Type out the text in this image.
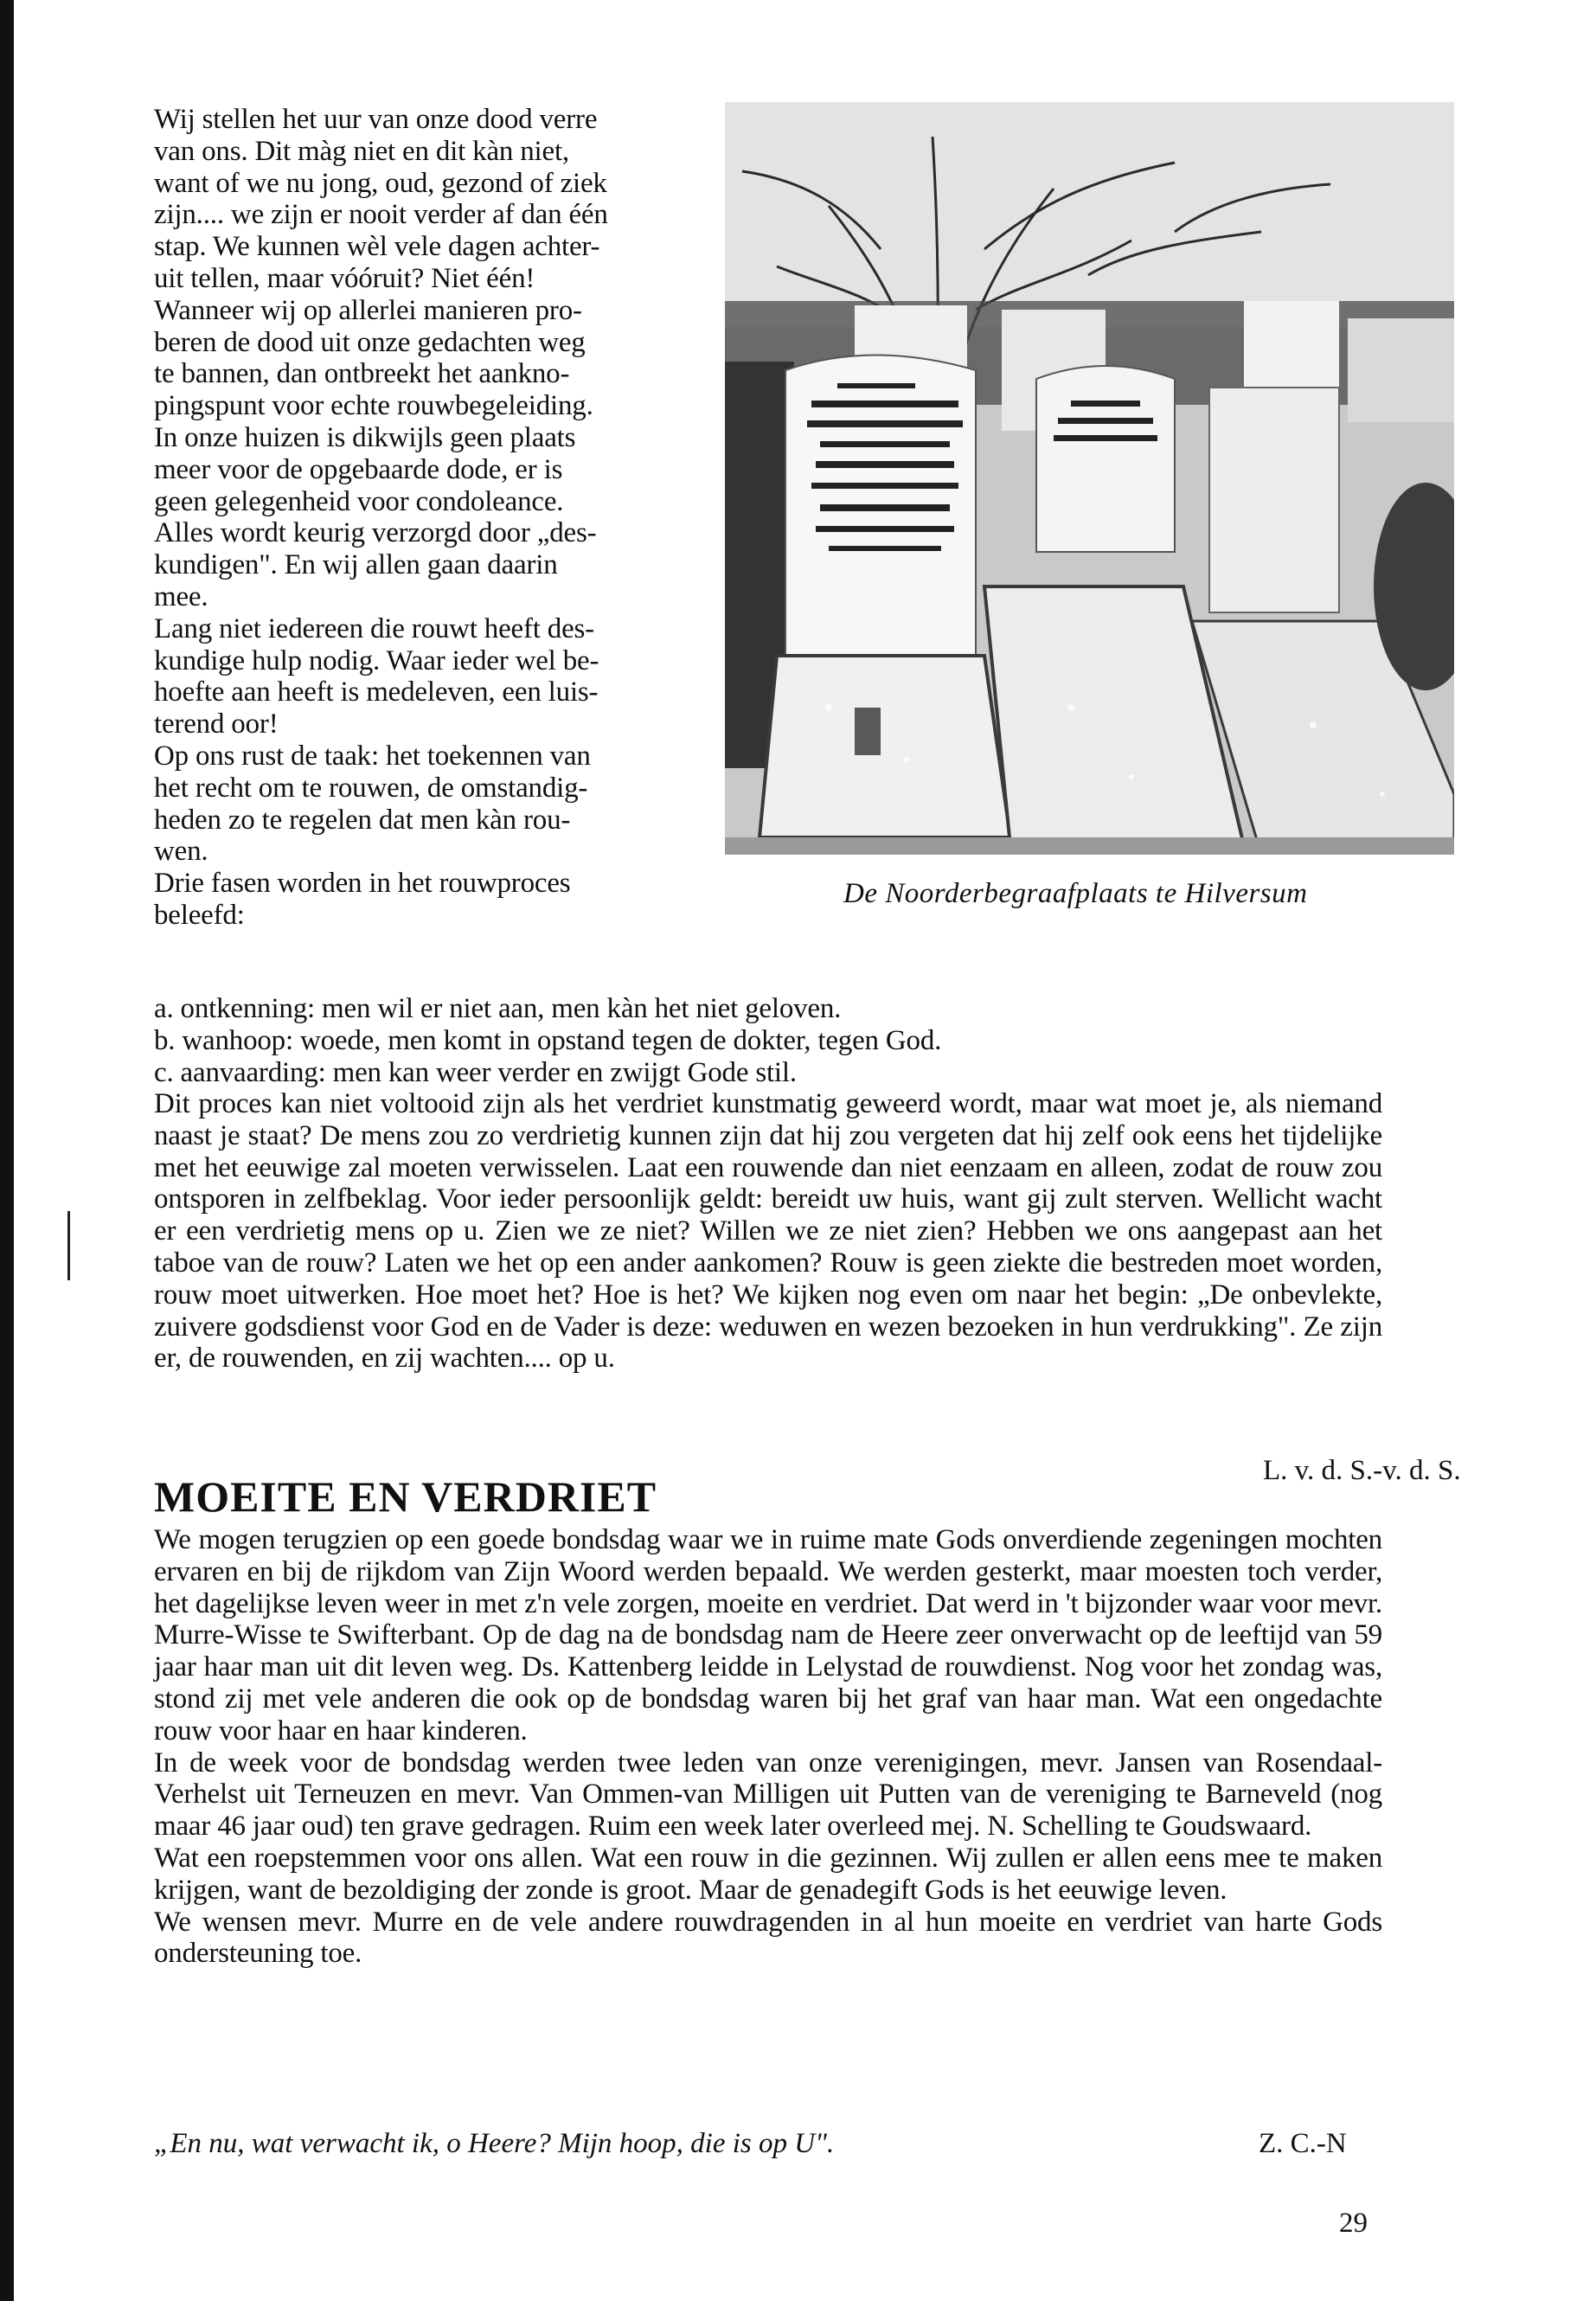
Wij stellen het uur van onze dood verre
van ons. Dit màg niet en dit kàn niet,
want of we nu jong, oud, gezond of ziek
zijn.... we zijn er nooit verder af dan één
stap. We kunnen wèl vele dagen achter-
uit tellen, maar vóóruit? Niet één!
Wanneer wij op allerlei manieren pro-
beren de dood uit onze gedachten weg
te bannen, dan ontbreekt het aankno-
pingspunt voor echte rouwbegeleiding.
In onze huizen is dikwijls geen plaats
meer voor de opgebaarde dode, er is
geen gelegenheid voor condoleance.
Alles wordt keurig verzorgd door „des-
kundigen". En wij allen gaan daarin
mee.
Lang niet iedereen die rouwt heeft des-
kundige hulp nodig. Waar ieder wel be-
hoefte aan heeft is medeleven, een luis-
terend oor!
Op ons rust de taak: het toekennen van
het recht om te rouwen, de omstandig-
heden zo te regelen dat men kàn rou-
wen.
Drie fasen worden in het rouwproces
beleefd:
De Noorderbegraafplaats te Hilversum
a. ontkenning: men wil er niet aan, men kàn het niet geloven.
b. wanhoop: woede, men komt in opstand tegen de dokter, tegen God.
c. aanvaarding: men kan weer verder en zwijgt Gode stil.

Dit proces kan niet voltooid zijn als het verdriet kunstmatig geweerd wordt, maar wat moet je, als niemand naast je staat? De mens zou zo verdrietig kunnen zijn dat hij zou vergeten dat hij zelf ook eens het tijdelijke met het eeuwige zal moeten verwisselen. Laat een rouwende dan niet eenzaam en alleen, zodat de rouw zou ontsporen in zelfbeklag. Voor ieder persoonlijk geldt: bereidt uw huis, want gij zult sterven. Wellicht wacht er een verdrietig mens op u. Zien we ze niet? Willen we ze niet zien? Hebben we ons aangepast aan het taboe van de rouw? Laten we het op een ander aankomen? Rouw is geen ziekte die bestreden moet worden, rouw moet uitwerken. Hoe moet het? Hoe is het? We kijken nog even om naar het begin: „De onbevlekte, zuivere godsdienst voor God en de Vader is deze: weduwen en wezen bezoeken in hun verdrukking". Ze zijn er, de rouwenden, en zij wachten.... op u.

L. v. d. S.-v. d. S.
MOEITE EN VERDRIET
We mogen terugzien op een goede bondsdag waar we in ruime mate Gods onverdiende zegeningen mochten ervaren en bij de rijkdom van Zijn Woord werden bepaald. We werden gesterkt, maar moesten toch verder, het dagelijkse leven weer in met z'n vele zorgen, moeite en verdriet. Dat werd in 't bijzonder waar voor mevr. Murre-Wisse te Swifterbant. Op de dag na de bondsdag nam de Heere zeer onverwacht op de leeftijd van 59 jaar haar man uit dit leven weg. Ds. Kattenberg leidde in Lelystad de rouwdienst. Nog voor het zondag was, stond zij met vele anderen die ook op de bondsdag waren bij het graf van haar man. Wat een ongedachte rouw voor haar en haar kinderen.
In de week voor de bondsdag werden twee leden van onze verenigingen, mevr. Jansen van Rosendaal-Verhelst uit Terneuzen en mevr. Van Ommen-van Milligen uit Putten van de vereniging te Barneveld (nog maar 46 jaar oud) ten grave gedragen. Ruim een week later overleed mej. N. Schelling te Goudswaard.
Wat een roepstemmen voor ons allen. Wat een rouw in die gezinnen. Wij zullen er allen eens mee te maken krijgen, want de bezoldiging der zonde is groot. Maar de genadegift Gods is het eeuwige leven.
We wensen mevr. Murre en de vele andere rouwdragenden in al hun moeite en verdriet van harte Gods ondersteuning toe.
„En nu, wat verwacht ik, o Heere? Mijn hoop, die is op U".	Z. C.-N
29
